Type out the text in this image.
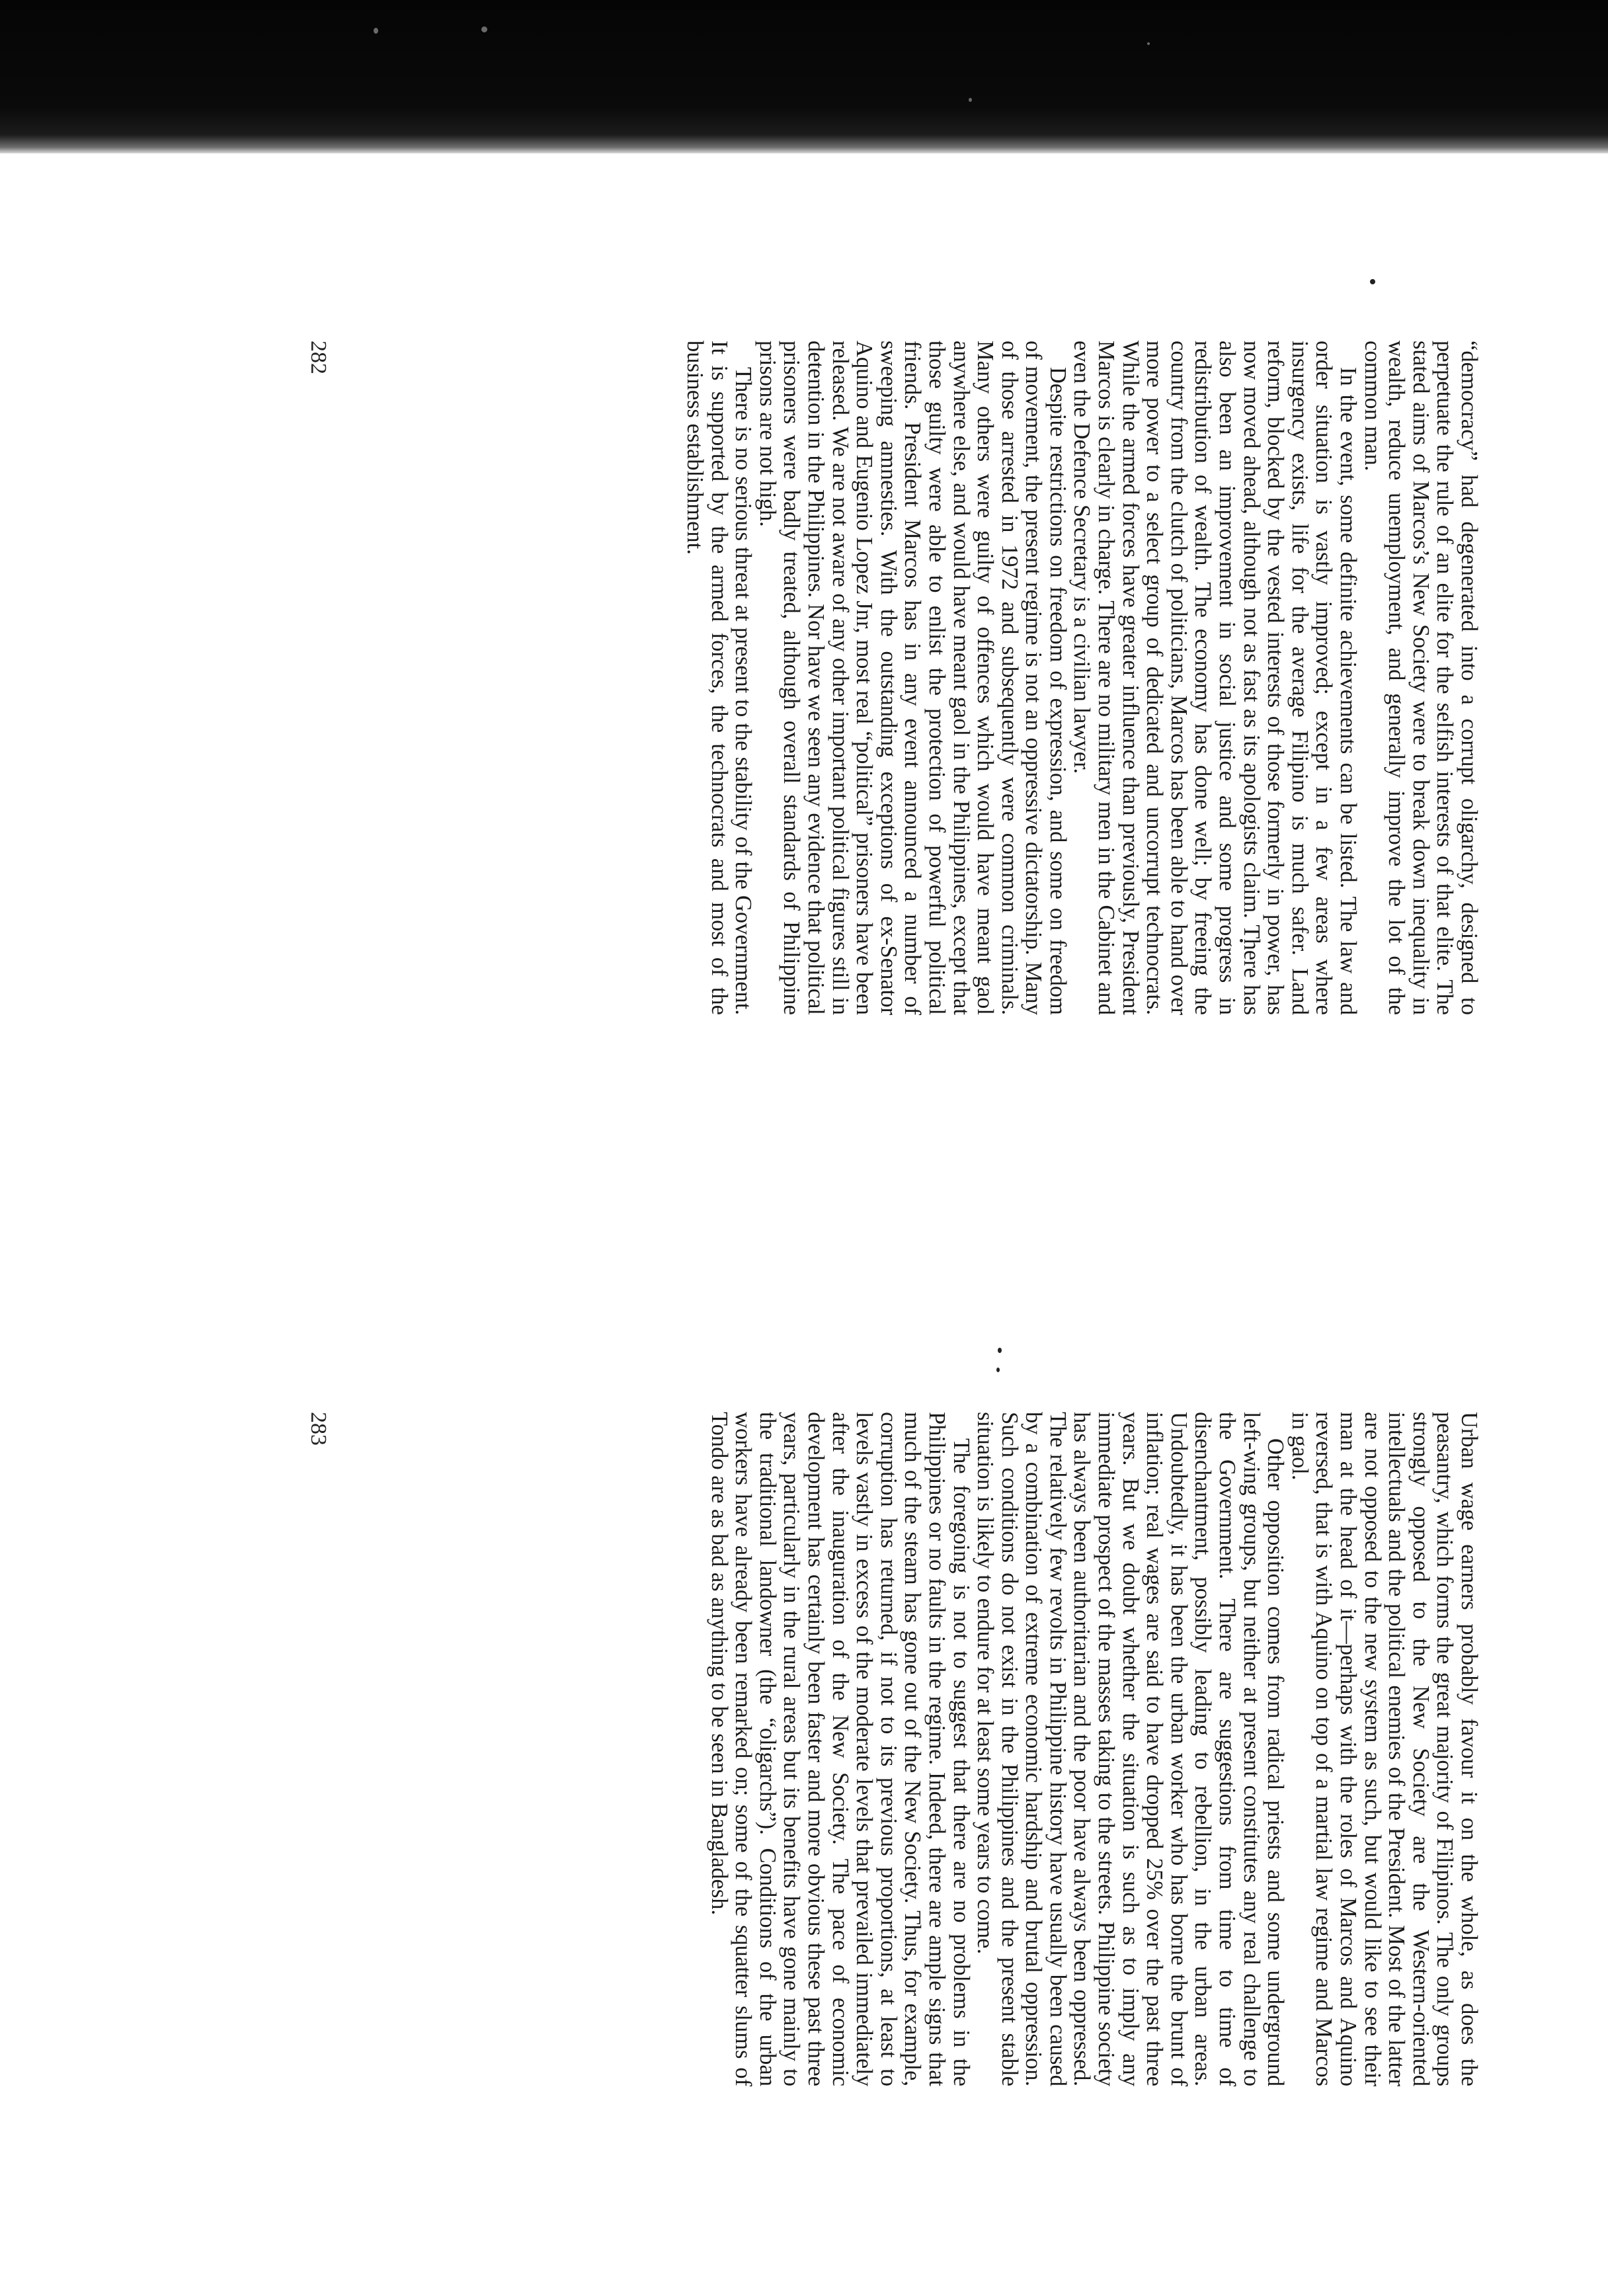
“democracy” had degenerated into a corrupt oligarchy, designed to perpetuate the rule of an elite for the selfish interests of that elite. The stated aims of Marcos’s New Society were to break down inequality in wealth, reduce unemployment, and generally improve the lot of the common man.

In the event, some definite achievements can be listed. The law and order situation is vastly improved; except in a few areas where insurgency exists, life for the average Filipino is much safer. Land reform, blocked by the vested interests of those formerly in power, has now moved ahead, although not as fast as its apologists claim. There has also been an improvement in social justice and some progress in redistribution of wealth. The economy has done well; by freeing the country from the clutch of politicians, Marcos has been able to hand over more power to a select group of dedicated and uncorrupt technocrats. While the armed forces have greater influence than previously, President Marcos is clearly in charge. There are no military men in the Cabinet and even the Defence Secretary is a civilian lawyer.

Despite restrictions on freedom of expression, and some on freedom of movement, the present regime is not an oppressive dictatorship. Many of those arrested in 1972 and subsequently were common criminals. Many others were guilty of offences which would have meant gaol anywhere else, and would have meant gaol in the Philippines, except that those guilty were able to enlist the protection of powerful political friends. President Marcos has in any event announced a number of sweeping amnesties. With the outstanding exceptions of ex-Senator Aquino and Eugenio Lopez Jnr, most real “political” prisoners have been released. We are not aware of any other important political figures still in detention in the Philippines. Nor have we seen any evidence that political prisoners were badly treated, although overall standards of Philippine prisons are not high.

There is no serious threat at present to the stability of the Government. It is supported by the armed forces, the technocrats and most of the business establishment.

282

Urban wage earners probably favour it on the whole, as does the peasantry, which forms the great majority of Filipinos. The only groups strongly opposed to the New Society are the Western-oriented intellectuals and the political enemies of the President. Most of the latter are not opposed to the new system as such, but would like to see their man at the head of it—perhaps with the roles of Marcos and Aquino reversed, that is with Aquino on top of a martial law regime and Marcos in gaol.

Other opposition comes from radical priests and some underground left-wing groups, but neither at present constitutes any real challenge to the Government. There are suggestions from time to time of disenchantment, possibly leading to rebellion, in the urban areas. Undoubtedly, it has been the urban worker who has borne the brunt of inflation; real wages are said to have dropped 25% over the past three years. But we doubt whether the situation is such as to imply any immediate prospect of the masses taking to the streets. Philippine society has always been authoritarian and the poor have always been oppressed. The relatively few revolts in Philippine history have usually been caused by a combination of extreme economic hardship and brutal oppression. Such conditions do not exist in the Philippines and the present stable situation is likely to endure for at least some years to come.

The foregoing is not to suggest that there are no problems in the Philippines or no faults in the regime. Indeed, there are ample signs that much of the steam has gone out of the New Society. Thus, for example, corruption has returned, if not to its previous proportions, at least to levels vastly in excess of the moderate levels that prevailed immediately after the inauguration of the New Society. The pace of economic development has certainly been faster and more obvious these past three years, particularly in the rural areas but its benefits have gone mainly to the traditional landowner (the “oligarchs”). Conditions of the urban workers have already been remarked on; some of the squatter slums of Tondo are as bad as anything to be seen in Bangladesh.

283
